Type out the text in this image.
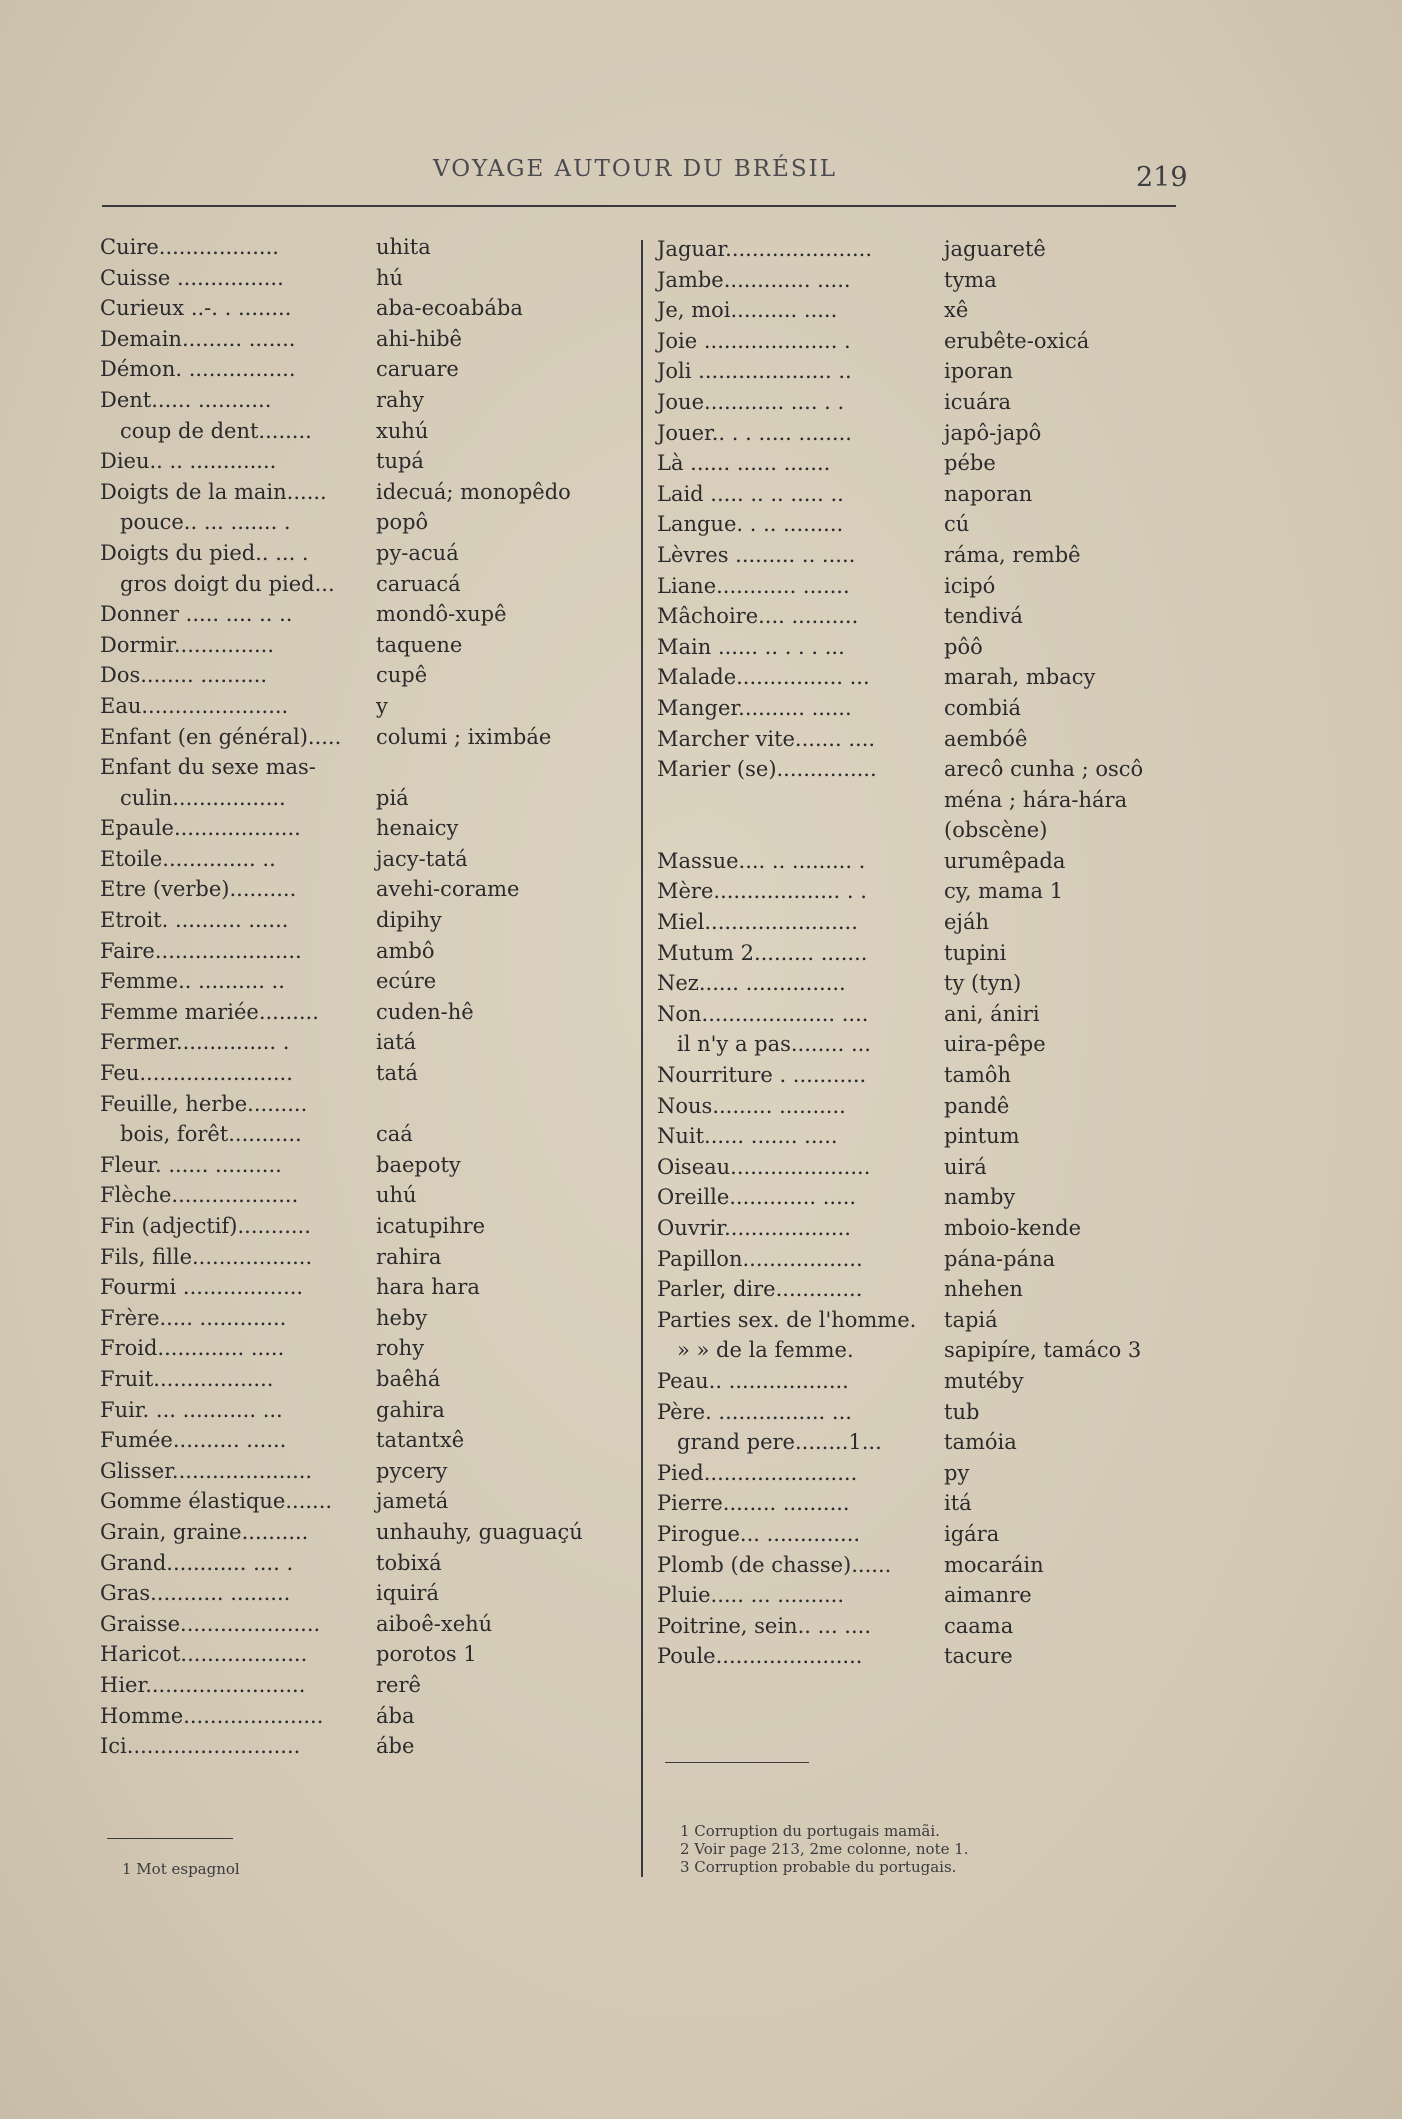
VOYAGE AUTOUR DU BRÉSIL	219
Cuire..................	uhita
Cuisse ................	hú
Curieux ..-. . ........	aba-ecoabába
Demain......... .......	ahi-hibê
Démon. ................	caruare
Dent...... ...........	rahy
coup de dent........	xuhú
Dieu.. .. .............	tupá
Doigts de la main...... idecuá; monopêdo
pouce.. ... ....... .	popô
Doigts du pied.. ... .	py-acuá
gros doigt du pied... caruacá
Donner ..... .... .. ..	mondô-xupê
Dormir...............	taquene
Dos........ ..........	cupê
Eau......................	y
Enfant (en général)..... columi ; iximbáe
Enfant du sexe mas-
culin.................	piá
Epaule...................	henaicy
Etoile.............. ..	jacy-tatá
Etre (verbe)..........	avehi-corame
Etroit. .......... ......	dipihy
Faire......................	ambô
Femme.. .......... ..	ecúre
Femme mariée.........	cuden-hê
Fermer............... .	iatá
Feu.......................	tatá
Feuille, herbe.........
bois, forêt...........	caá
Fleur. ...... ..........	baepoty
Flèche...................	uhú
Fin (adjectif)...........	icatupihre
Fils, fille..................	rahira
Fourmi ..................	hara hara
Frère..... .............	heby
Froid............. .....	rohy
Fruit..................	baêhá
Fuir. ... ........... ...	gahira
Fumée.......... ......	tatantxê
Glisser.....................	pycery
Gomme élastique....... jametá
Grain, graine..........	unhauhy, guaguaçú
Grand............ .... .	tobixá
Gras........... .........	iquirá
Graisse.....................	aiboê-xehú
Haricot...................	porotos 1
Hier........................	rerê
Homme.....................	ába
Ici..........................	ábe
Jaguar......................	jaguaretê
Jambe............. .....	tyma
Je, moi.......... .....	xê
Joie .................... .	erubête-oxicá
Joli .................... ..	iporan
Joue............ .... . .	icuára
Jouer.. . . ..... ........	japô-japô
Là ...... ...... .......	pébe
Laid ..... .. .. ..... ..	naporan
Langue. . .. .........	cú
Lèvres ......... .. .....	ráma, rembê
Liane............ .......	icipó
Mâchoire.... ..........	tendivá
Main ...... .. . . . ...	pôô
Malade................ ...	marah, mbacy
Manger.......... ......	combiá
Marcher vite....... ....	aembóê
Marier (se)...............	arecô cunha ; oscô
ména ; hára-hára
(obscène)
Massue.... .. ......... .	urumêpada
Mère................... . .	cy, mama 1
Miel.......................	ejáh
Mutum 2......... .......	tupini
Nez...... ...............	ty (tyn)
Non.................... ....	ani, ániri
il n'y a pas........ ...	uira-pêpe
Nourriture . ...........	tamôh
Nous......... ..........	pandê
Nuit...... ....... .....	pintum
Oiseau.....................	uirá
Oreille............. .....	namby
Ouvrir...................	mboio-kende
Papillon..................	pána-pána
Parler, dire.............	nhehen
Parties sex. de l'homme. tapiá
» » de la femme.	sapipíre, tamáco 3
Peau.. ..................	mutéby
Père. ................ ...	tub
grand pere........1...	tamóia
Pied.......................	py
Pierre........ ..........	itá
Pirogue... ..............	igára
Plomb (de chasse)......	mocaráin
Pluie..... ... ..........	aimanre
Poitrine, sein.. ... ....	caama
Poule......................	tacure
1 Mot espagnol
1 Corruption du portugais mamãi.
2 Voir page 213, 2me colonne, note 1.
3 Corruption probable du portugais.
